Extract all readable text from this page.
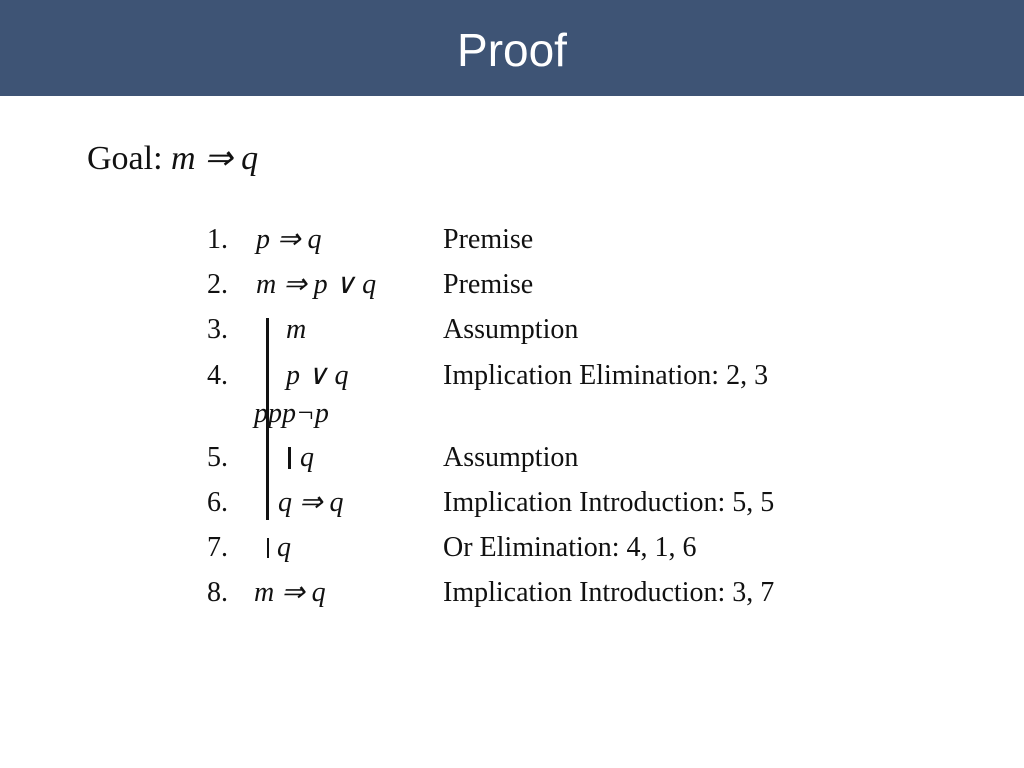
Proof
Goal: m ⇒ q
1. p ⇒ q	Premise
2. m ⇒ p ∨ q Premise
3. m	Assumption
4. p ∨ q	Implication Elimination: 2, 3
ppp¬p
5.	q	Assumption
6. q ⇒ q	Implication Introduction: 5, 5
7. q	Or Elimination: 4, 1, 6
8. m ⇒ q	Implication Introduction: 3, 7
